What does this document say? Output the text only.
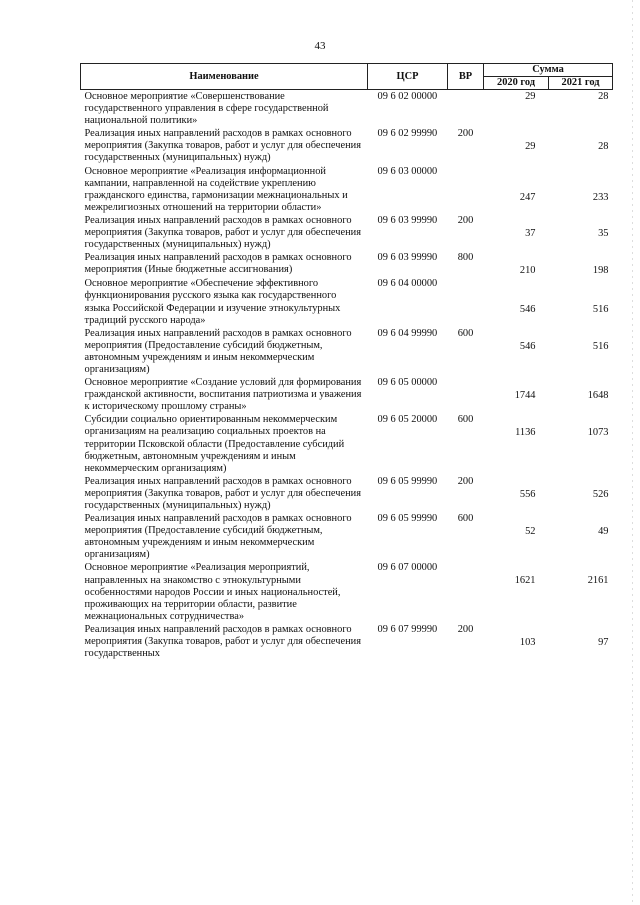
43
Наименование	ЦСР	ВР	Сумма	
			2020 год	2021 год
Основное мероприятие «Совершенствование государственного управления в сфере государственной национальной политики»	09 6 02 00000		29	28
Реализация иных направлений расходов в рамках основного мероприятия (Закупка товаров, работ и услуг для обеспечения государственных (муниципальных) нужд)	09 6 02 99990	200	29	28
Основное мероприятие «Реализация информационной кампании, направленной на содействие укреплению гражданского единства, гармонизации межнациональных и межрелигиозных отношений на территории области»	09 6 03 00000		247	233
Реализация иных направлений расходов в рамках основного мероприятия (Закупка товаров, работ и услуг для обеспечения государственных (муниципальных) нужд)	09 6 03 99990	200	37	35
Реализация иных направлений расходов в рамках основного мероприятия (Иные бюджетные ассигнования)	09 6 03 99990	800	210	198
Основное мероприятие «Обеспечение эффективного функционирования русского языка как государственного языка Российской Федерации и изучение этнокультурных традиций русского народа»	09 6 04 00000		546	516
Реализация иных направлений расходов в рамках основного мероприятия (Предоставление субсидий бюджетным, автономным учреждениям и иным некоммерческим организациям)	09 6 04 99990	600	546	516
Основное мероприятие «Создание условий для формирования гражданской активности, воспитания патриотизма и уважения к историческому прошлому страны»	09 6 05 00000		1744	1648
Субсидии социально ориентированным некоммерческим организациям на реализацию социальных проектов на территории Псковской области (Предоставление субсидий бюджетным, автономным учреждениям и иным некоммерческим организациям)	09 6 05 20000	600	1136	1073
Реализация иных направлений расходов в рамках основного мероприятия (Закупка товаров, работ и услуг для обеспечения государственных (муниципальных) нужд)	09 6 05 99990	200	556	526
Реализация иных направлений расходов в рамках основного мероприятия (Предоставление субсидий бюджетным, автономным учреждениям и иным некоммерческим организациям)	09 6 05 99990	600	52	49
Основное мероприятие «Реализация мероприятий, направленных на знакомство с этнокультурными особенностями народов России и иных национальностей, проживающих на территории области, развитие межнациональных сотрудничества»	09 6 07 00000		1621	2161
Реализация иных направлений расходов в рамках основного мероприятия (Закупка товаров, работ и услуг для обеспечения государственных	09 6 07 99990	200	103	97
